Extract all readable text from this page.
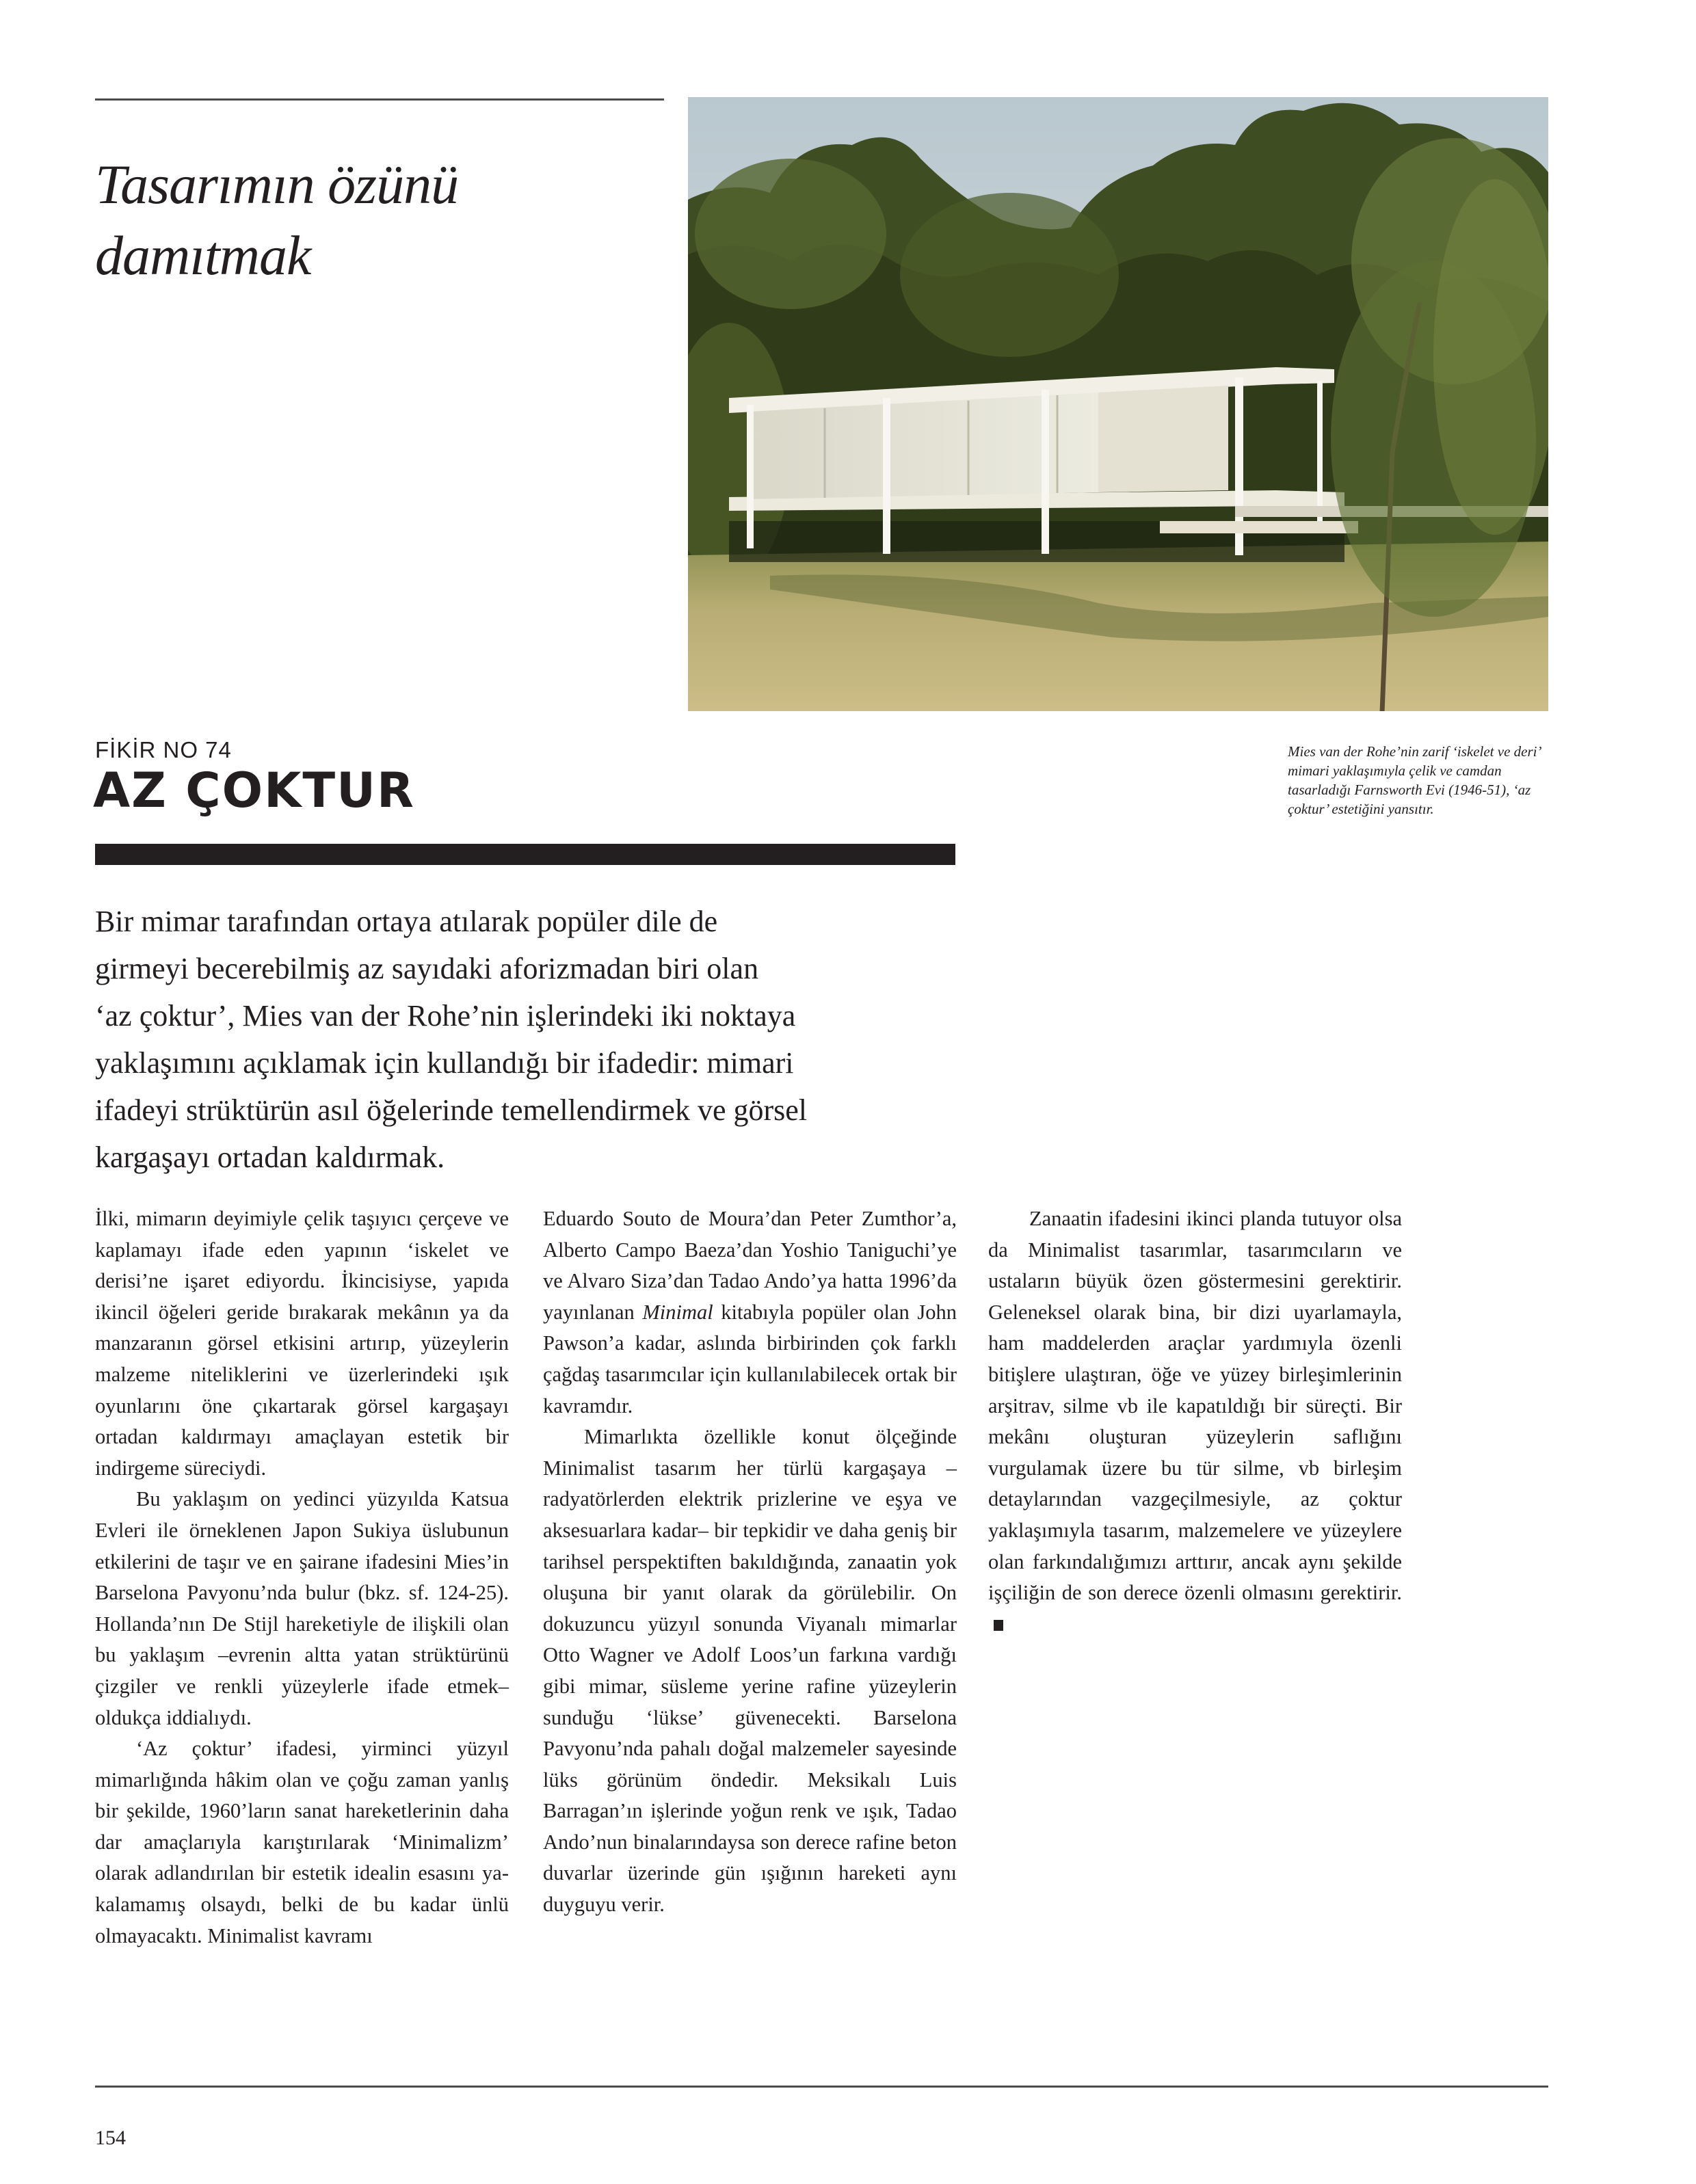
Tasarımın özünü
damıtmak
FİKİR NO 74
AZ ÇOKTUR
Mies van der Rohe’nin zarif ‘iskelet ve deri’ mimari yaklaşımıyla çelik ve camdan tasarladığı Farnsworth Evi (1946-51), ‘az çoktur’ estetiğini yansıtır.

Bir mimar tarafından ortaya atılarak popüler dile de
girmeyi becerebilmiş az sayıdaki aforizmadan biri olan
‘az çoktur’, Mies van der Rohe’nin işlerindeki iki noktaya
yaklaşımını açıklamak için kullandığı bir ifadedir: mimari
ifadeyi strüktürün asıl öğelerinde temellendirmek ve görsel
kargaşayı ortadan kaldırmak.

İlki, mimarın deyimiyle çelik taşıyıcı çerçeve ve kaplamayı ifade eden yapının ‘iskelet ve derisi’ne işaret ediyordu. İkincisiyse, yapıda ikincil öğeleri geride bırakarak mekânın ya da manzaranın görsel etkisini artırıp, yüzeylerin malzeme niteliklerini ve üzerlerindeki ışık oyunlarını öne çıkartarak görsel kargaşayı ortadan kaldırmayı amaçlayan estetik bir indirgeme süreciydi.

Bu yaklaşım on yedinci yüzyılda Katsua Evleri ile örneklenen Japon Sukiya üslubunun etkilerini de taşır ve en şairane ifadesini Mies’in Barselona Pavyonu’nda bulur (bkz. sf. 124-25). Hollanda’nın De Stijl hareketiyle de ilişkili olan bu yaklaşım –evrenin altta yatan strüktürünü çizgiler ve renkli yüzeylerle ifade etmek– oldukça iddialıydı.

‘Az çoktur’ ifadesi, yirminci yüzyıl mimarlığında hâkim olan ve çoğu zaman yanlış bir şekilde, 1960’ların sanat hareketlerinin daha dar amaçlarıyla karıştırılarak ‘Minimalizm’ olarak adlandırılan bir estetik idealin esasını yakalamamış olsaydı, belki de bu kadar ünlü olmayacaktı. Minimalist kavramı

Eduardo Souto de Moura’dan Peter Zumthor’a, Alberto Campo Baeza’dan Yoshio Taniguchi’ye ve Alvaro Siza’dan Tadao Ando’ya hatta 1996’da yayınlanan Minimal kitabıyla popüler olan John Pawson’a kadar, aslında birbirinden çok farklı çağdaş tasarımcılar için kullanılabilecek ortak bir kavramdır.

Mimarlıkta özellikle konut ölçeğinde Minimalist tasarım her türlü kargaşaya –radyatörlerden elektrik prizlerine ve eşya ve aksesuarlara kadar– bir tepkidir ve daha geniş bir tarihsel perspektiften bakıldığında, zanaatin yok oluşuna bir yanıt olarak da görülebilir. On dokuzuncu yüzyıl sonunda Viyanalı mimarlar Otto Wagner ve Adolf Loos’un farkına vardığı gibi mimar, süsleme yerine rafine yüzeylerin sunduğu ‘lükse’ güvenecekti. Barselona Pavyonu’nda pahalı doğal malzemeler sayesinde lüks görünüm öndedir. Meksikalı Luis Barragan’ın işlerinde yoğun renk ve ışık, Tadao Ando’nun binalarındaysa son derece rafine beton duvarlar üzerinde gün ışığının hareketi aynı duyguyu verir.

Zanaatin ifadesini ikinci planda tutuyor olsa da Minimalist tasarımlar, tasarımcıların ve ustaların büyük özen göstermesini gerektirir. Geleneksel olarak bina, bir dizi uyarlamayla, ham maddelerden araçlar yardımıyla özenli bitişlere ulaştıran, öğe ve yüzey birleşimlerinin arşitrav, silme vb ile kapatıldığı bir süreçti. Bir mekânı oluşturan yüzeylerin saflığını vurgulamak üzere bu tür silme, vb birleşim detaylarından vazgeçilmesiyle, az çoktur yaklaşımıyla tasarım, malzemelere ve yüzeylere olan farkındalığımızı arttırır, ancak aynı şekilde işçiliğin de son derece özenli olmasını gerektirir.

154
